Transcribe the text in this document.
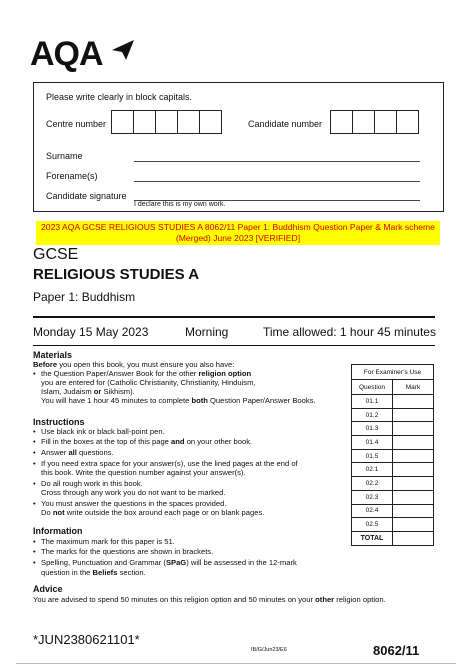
AQA
Please write clearly in block capitals.
Centre number	Candidate number
Surname
Forename(s)
Candidate signature
I declare this is my own work.
2023 AQA GCSE RELIGIOUS STUDIES A 8062/11 Paper 1: Buddhism Question Paper & Mark scheme (Merged) June 2023 [VERIFIED]
GCSE
RELIGIOUS STUDIES A
Paper 1: Buddhism
Monday 15 May 2023	Morning	Time allowed: 1 hour 45 minutes
Materials
Before you open this book, you must ensure you also have:
• the Question Paper/Answer Book for the other religion option
you are entered for (Catholic Christianity, Christianity, Hinduism,
Islam, Judaism or Sikhism).
You will have 1 hour 45 minutes to complete both Question Paper/Answer Books.
Instructions
• Use black ink or black ball-point pen.
• Fill in the boxes at the top of this page and on your other book.
• Answer all questions.
• If you need extra space for your answer(s), use the lined pages at the end of
this book. Write the question number against your answer(s).
• Do all rough work in this book.
Cross through any work you do not want to be marked.
• You must answer the questions in the spaces provided.
Do not write outside the box around each page or on blank pages.
Information
• The maximum mark for this paper is 51.
• The marks for the questions are shown in brackets.
• Spelling, Punctuation and Grammar (SPaG) will be assessed in the 12-mark
question in the Beliefs section.
Advice
You are advised to spend 50 minutes on this religion option and 50 minutes on your other religion option.
For Examiner’s Use	
Question	Mark
01.1	
01.2	
01.3	
01.4	
01.5	
02.1	
02.2	
02.3	
02.4	
02.5	
TOTAL	
*JUN2380621101*
IB/G/Jun23/E6	8062/11
